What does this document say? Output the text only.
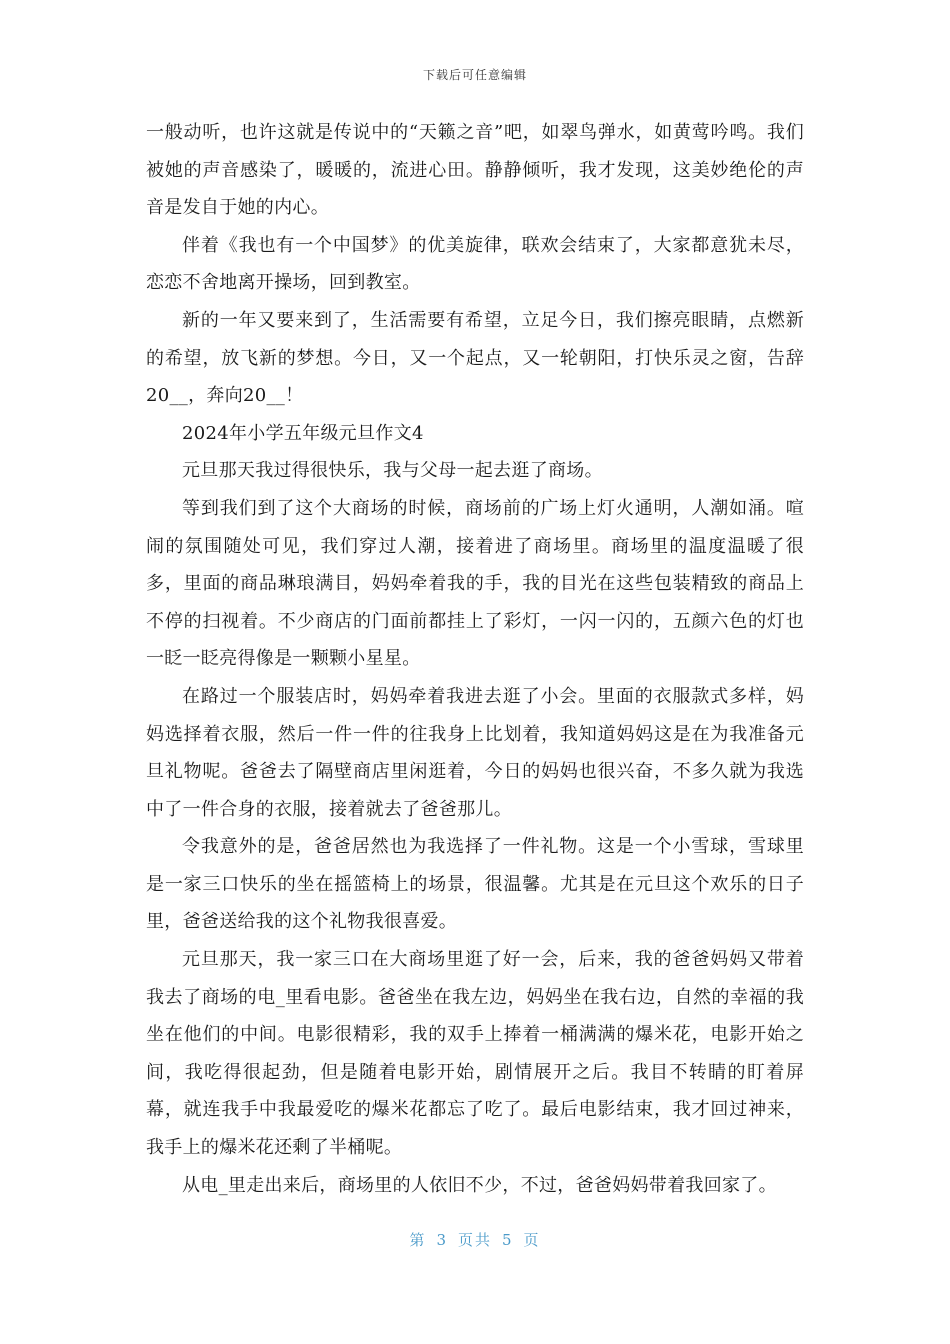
下载后可任意编辑

一般动听，也许这就是传说中的“天籁之音”吧，如翠鸟弹水，如黄莺吟鸣。我们被她的声音感染了，暖暖的，流进心田。静静倾听，我才发现，这美妙绝伦的声音是发自于她的内心。

伴着《我也有一个中国梦》的优美旋律，联欢会结束了，大家都意犹未尽，恋恋不舍地离开操场，回到教室。

新的一年又要来到了，生活需要有希望，立足今日，我们擦亮眼睛，点燃新的希望，放飞新的梦想。今日，又一个起点，又一轮朝阳，打快乐灵之窗，告辞20__，奔向20__！

2024年小学五年级元旦作文4

元旦那天我过得很快乐，我与父母一起去逛了商场。

等到我们到了这个大商场的时候，商场前的广场上灯火通明，人潮如涌。喧闹的氛围随处可见，我们穿过人潮，接着进了商场里。商场里的温度温暖了很多，里面的商品琳琅满目，妈妈牵着我的手，我的目光在这些包装精致的商品上不停的扫视着。不少商店的门面前都挂上了彩灯，一闪一闪的，五颜六色的灯也一眨一眨亮得像是一颗颗小星星。

在路过一个服装店时，妈妈牵着我进去逛了小会。里面的衣服款式多样，妈妈选择着衣服，然后一件一件的往我身上比划着，我知道妈妈这是在为我准备元旦礼物呢。爸爸去了隔壁商店里闲逛着，今日的妈妈也很兴奋，不多久就为我选中了一件合身的衣服，接着就去了爸爸那儿。

令我意外的是，爸爸居然也为我选择了一件礼物。这是一个小雪球，雪球里是一家三口快乐的坐在摇篮椅上的场景，很温馨。尤其是在元旦这个欢乐的日子里，爸爸送给我的这个礼物我很喜爱。

元旦那天，我一家三口在大商场里逛了好一会，后来，我的爸爸妈妈又带着我去了商场的电_里看电影。爸爸坐在我左边，妈妈坐在我右边，自然的幸福的我坐在他们的中间。电影很精彩，我的双手上捧着一桶满满的爆米花，电影开始之间，我吃得很起劲，但是随着电影开始，剧情展开之后。我目不转睛的盯着屏幕，就连我手中我最爱吃的爆米花都忘了吃了。最后电影结束，我才回过神来，我手上的爆米花还剩了半桶呢。

从电_里走出来后，商场里的人依旧不少，不过，爸爸妈妈带着我回家了。

第 3 页共 5 页
